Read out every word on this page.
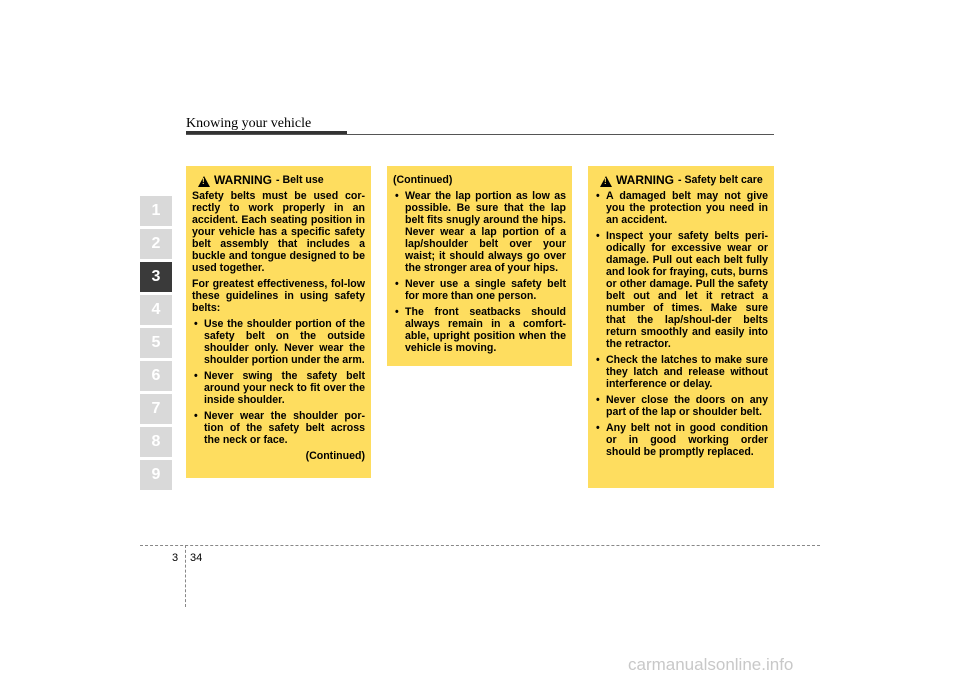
Knowing your vehicle
1
2
3
4
5
6
7
8
9
! WARNING - Belt use

Safety belts must be used cor-rectly to work properly in an accident. Each seating position in your vehicle has a specific safety belt assembly that includes a buckle and tongue designed to be used together.

For greatest effectiveness, fol-low these guidelines in using safety belts:

• Use the shoulder portion of the safety belt on the outside shoulder only. Never wear the shoulder portion under the arm.
• Never swing the safety belt around your neck to fit over the inside shoulder.
• Never wear the shoulder por-tion of the safety belt across the neck or face.
(Continued)

(Continued)

• Wear the lap portion as low as possible. Be sure that the lap belt fits snugly around the hips. Never wear a lap portion of a lap/shoulder belt over your waist; it should always go over the stronger area of your hips.
• Never use a single safety belt for more than one person.
• The front seatbacks should always remain in a comfort-able, upright position when the vehicle is moving.
! WARNING - Safety belt care
• A damaged belt may not give you the protection you need in an accident.
• Inspect your safety belts peri-odically for excessive wear or damage. Pull out each belt fully and look for fraying, cuts, burns or other damage. Pull the safety belt out and let it retract a number of times. Make sure that the lap/shoul-der belts return smoothly and easily into the retractor.
• Check the latches to make sure they latch and release without interference or delay.
• Never close the doors on any part of the lap or shoulder belt.
• Any belt not in good condition or in good working order should be promptly replaced.
3 34
carmanualsonline.info
